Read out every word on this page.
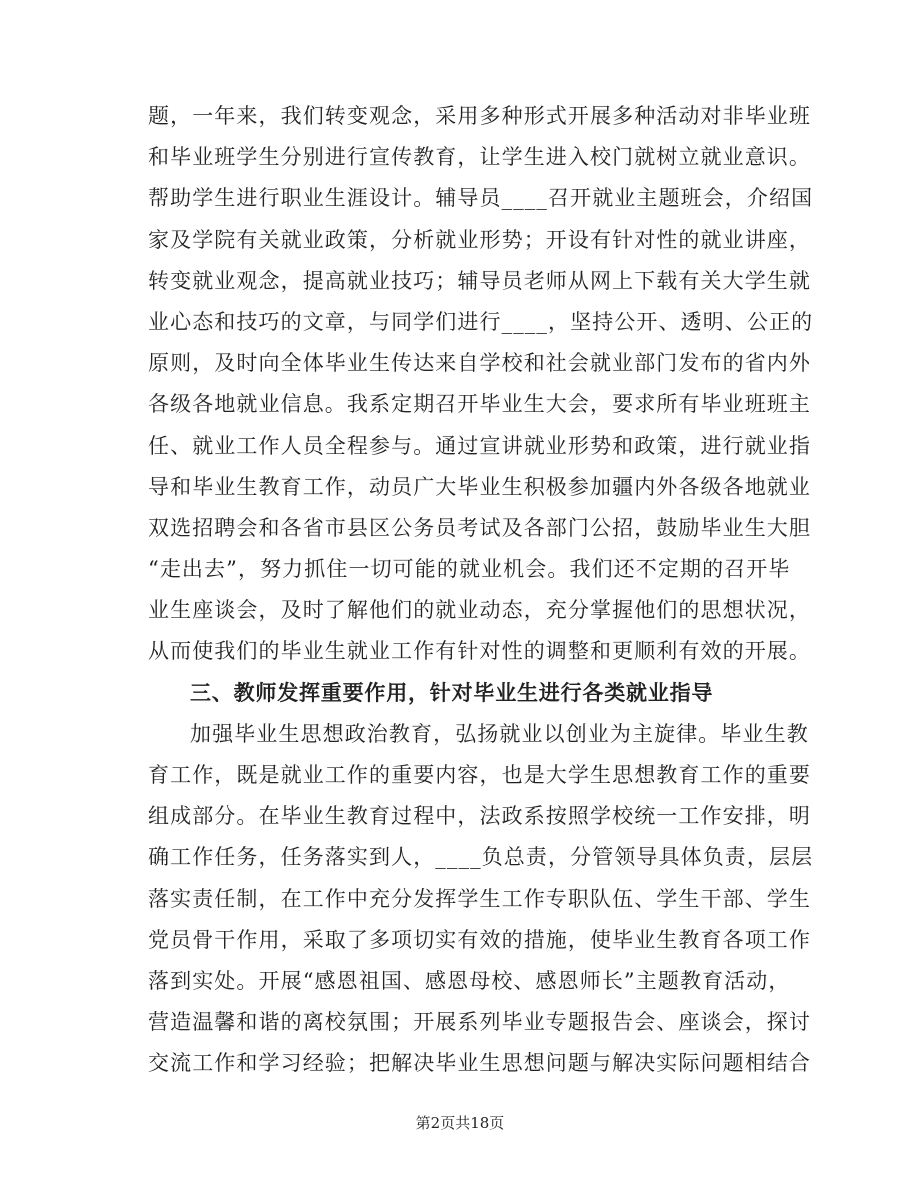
题，一年来，我们转变观念，采用多种形式开展多种活动对非毕业班
和毕业班学生分别进行宣传教育，让学生进入校门就树立就业意识。
帮助学生进行职业生涯设计。辅导员____召开就业主题班会，介绍国
家及学院有关就业政策，分析就业形势；开设有针对性的就业讲座，
转变就业观念，提高就业技巧；辅导员老师从网上下载有关大学生就
业心态和技巧的文章，与同学们进行____，坚持公开、透明、公正的
原则，及时向全体毕业生传达来自学校和社会就业部门发布的省内外
各级各地就业信息。我系定期召开毕业生大会，要求所有毕业班班主
任、就业工作人员全程参与。通过宣讲就业形势和政策，进行就业指
导和毕业生教育工作，动员广大毕业生积极参加疆内外各级各地就业
双选招聘会和各省市县区公务员考试及各部门公招，鼓励毕业生大胆
“走出去”，努力抓住一切可能的就业机会。我们还不定期的召开毕
业生座谈会，及时了解他们的就业动态，充分掌握他们的思想状况，
从而使我们的毕业生就业工作有针对性的调整和更顺利有效的开展。
三、教师发挥重要作用，针对毕业生进行各类就业指导
加强毕业生思想政治教育，弘扬就业以创业为主旋律。毕业生教
育工作，既是就业工作的重要内容，也是大学生思想教育工作的重要
组成部分。在毕业生教育过程中，法政系按照学校统一工作安排，明
确工作任务，任务落实到人，____负总责，分管领导具体负责，层层
落实责任制，在工作中充分发挥学生工作专职队伍、学生干部、学生
党员骨干作用，采取了多项切实有效的措施，使毕业生教育各项工作
落到实处。开展“感恩祖国、感恩母校、感恩师长”主题教育活动，
营造温馨和谐的离校氛围；开展系列毕业专题报告会、座谈会，探讨
交流工作和学习经验；把解决毕业生思想问题与解决实际问题相结合
第2页共18页
